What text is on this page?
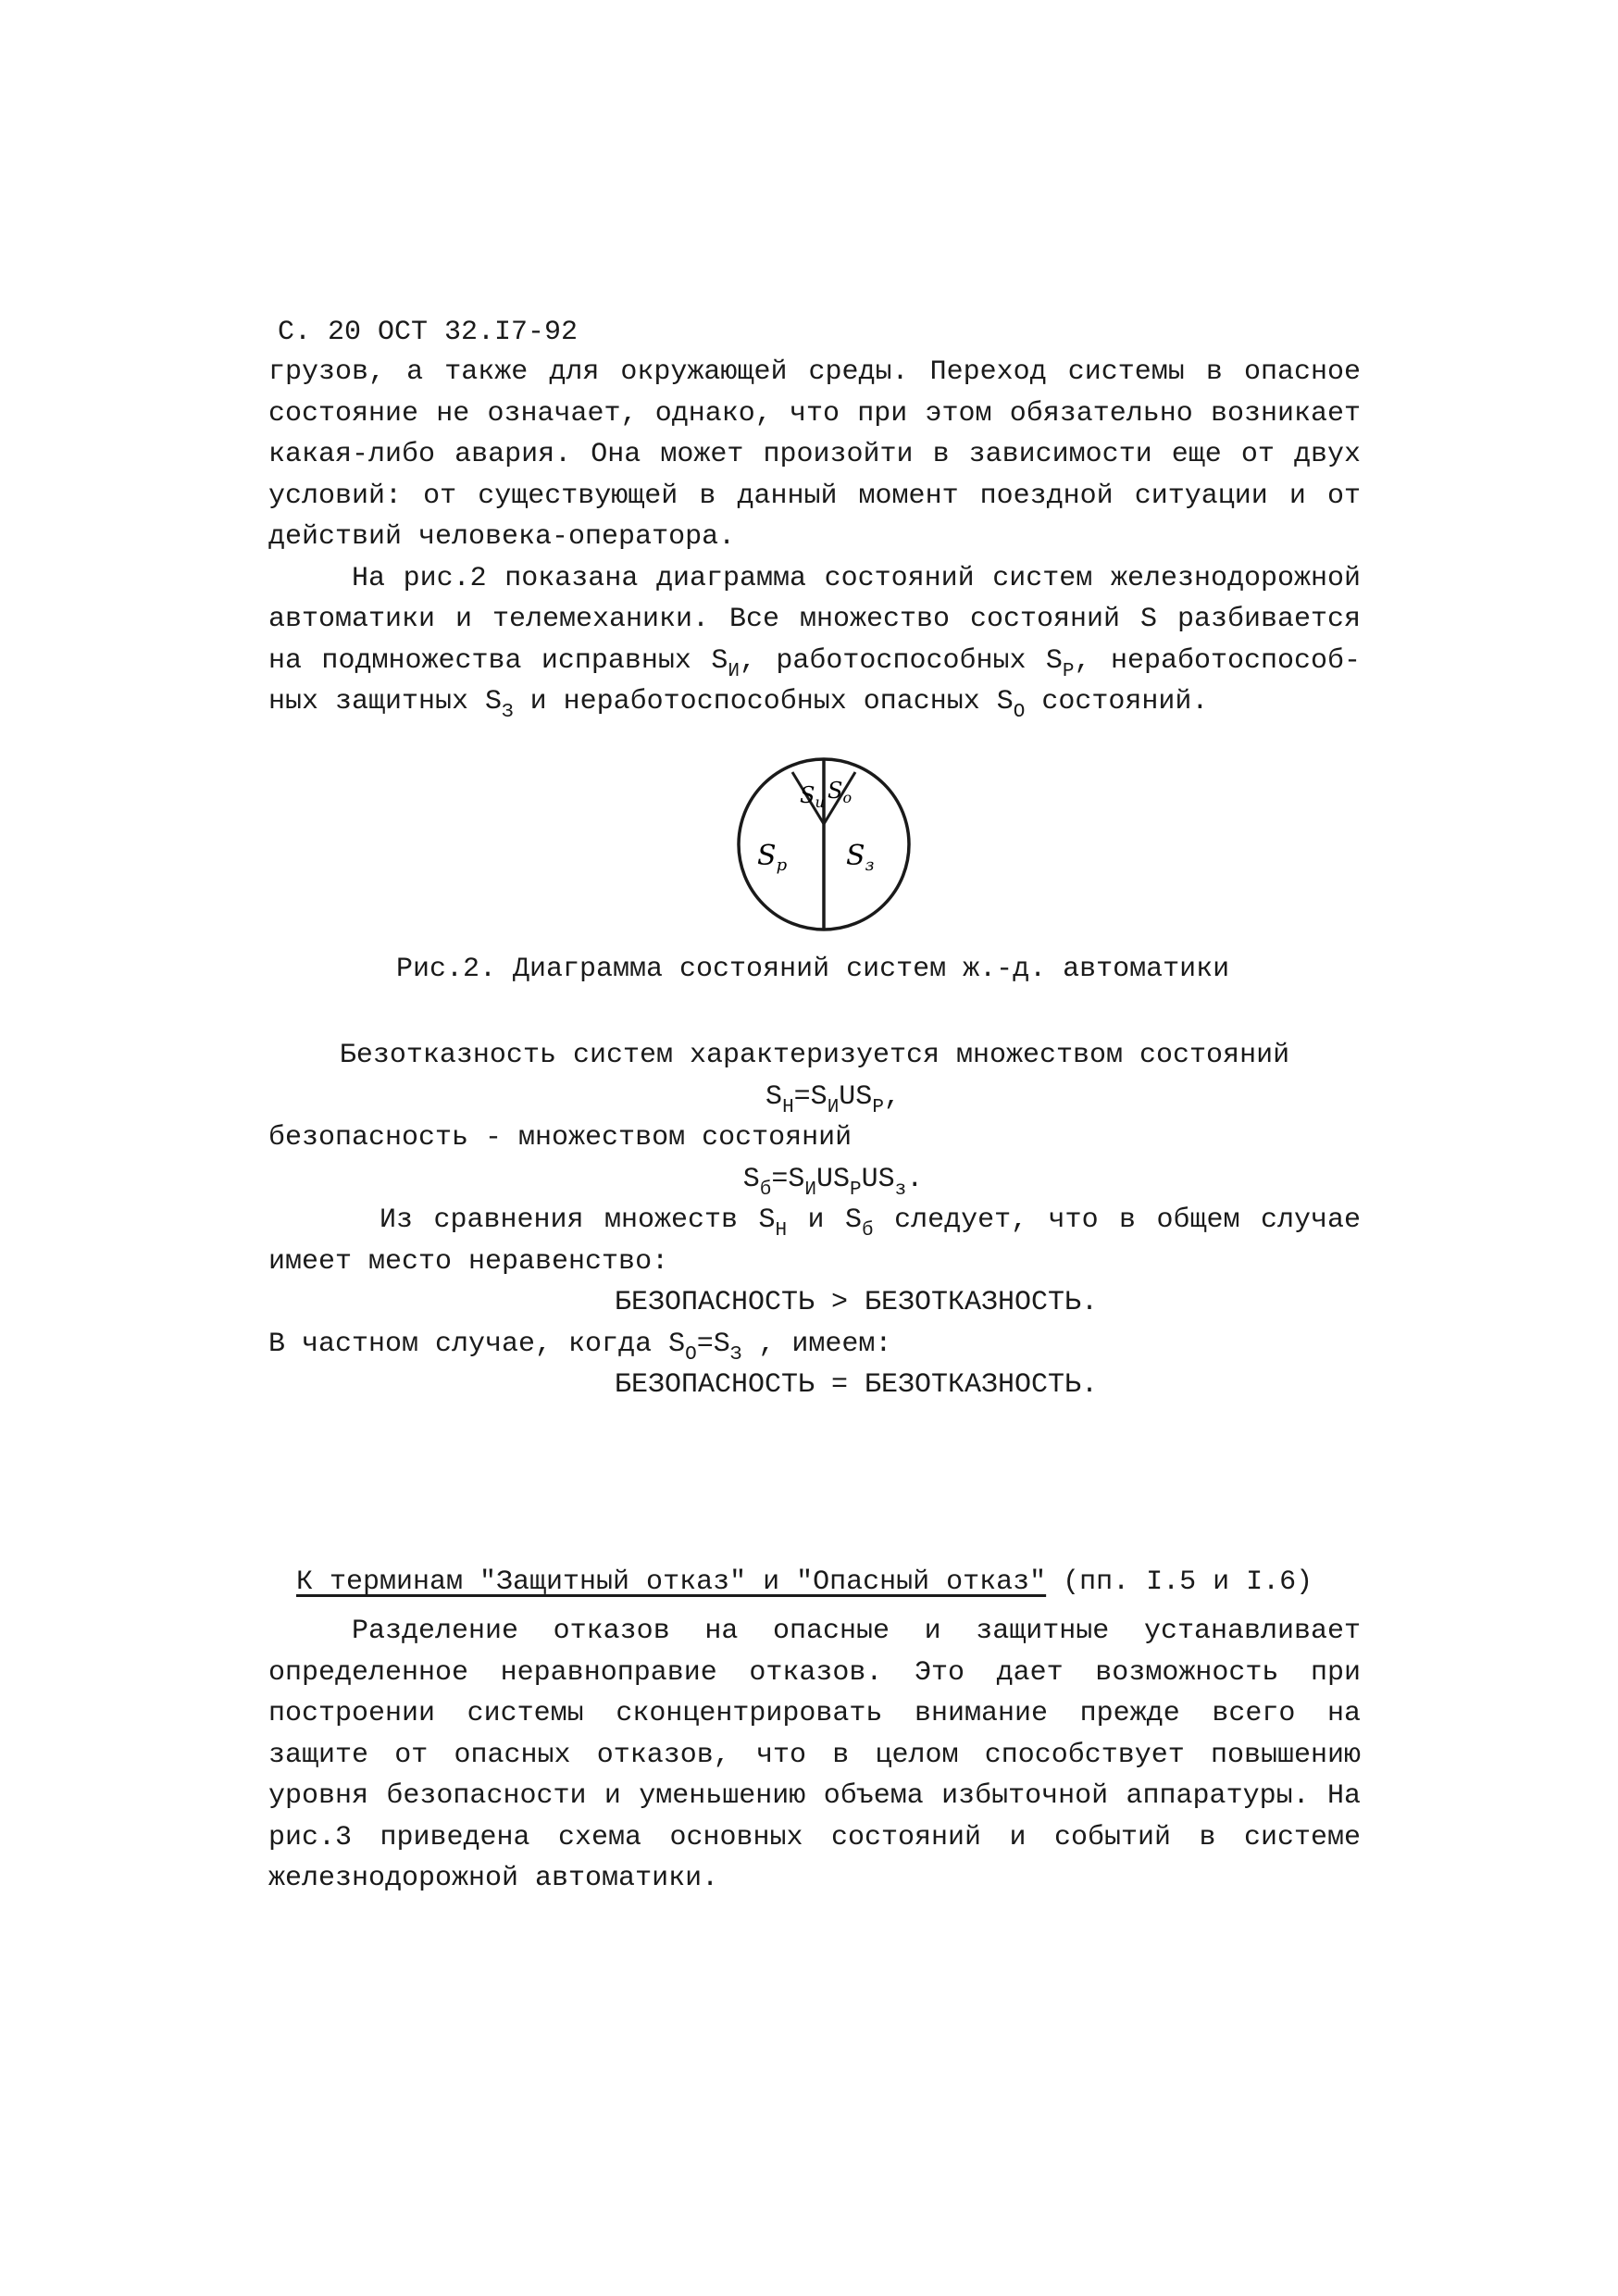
С. 20 ОСТ 32.I7-92

грузов, а также для окружающей среды. Переход системы в опасное состояние не означает, однако, что при этом обязательно возникает какая-либо авария. Она может произойти в зависимости еще от двух условий: от существующей в данный момент поездной ситуации и от действий человека-оператора.

На рис.2 показана диаграмма состояний систем железнодорожной автоматики и телемеханики. Все множество состояний S разбивается на подмножества исправных $S_И$, работоспособных $S_Р$, неработоспособных защитных $S_З$ и неработоспособных опасных $S_О$ состояний.

$S_и$ $S_о$
$S_р$ $S_з$
Рис.2. Диаграмма состояний систем ж.-д. автоматики

Безотказность систем характеризуется множеством состояний

$S_Н=S_ИUS_Р$,

безопасность - множеством состояний

$S_б=S_ИUS_РUS_з$.

Из сравнения множеств $S_Н$ и $S_б$ следует, что в общем случае имеет место неравенство:

БЕЗОПАСНОСТЬ > БЕЗОТКАЗНОСТЬ.

В частном случае, когда $S_О=S_З$ , имеем:

БЕЗОПАСНОСТЬ = БЕЗОТКАЗНОСТЬ.

К терминам "Защитный отказ" и "Опасный отказ" (пп. I.5 и I.6)

Разделение отказов на опасные и защитные устанавливает определенное неравноправие отказов. Это дает возможность при построении системы сконцентрировать внимание прежде всего на защите от опасных отказов, что в целом способствует повышению уровня безопасности и уменьшению объема избыточной аппаратуры. На рис.3 приведена схема основных состояний и событий в системе железнодорожной автоматики.
